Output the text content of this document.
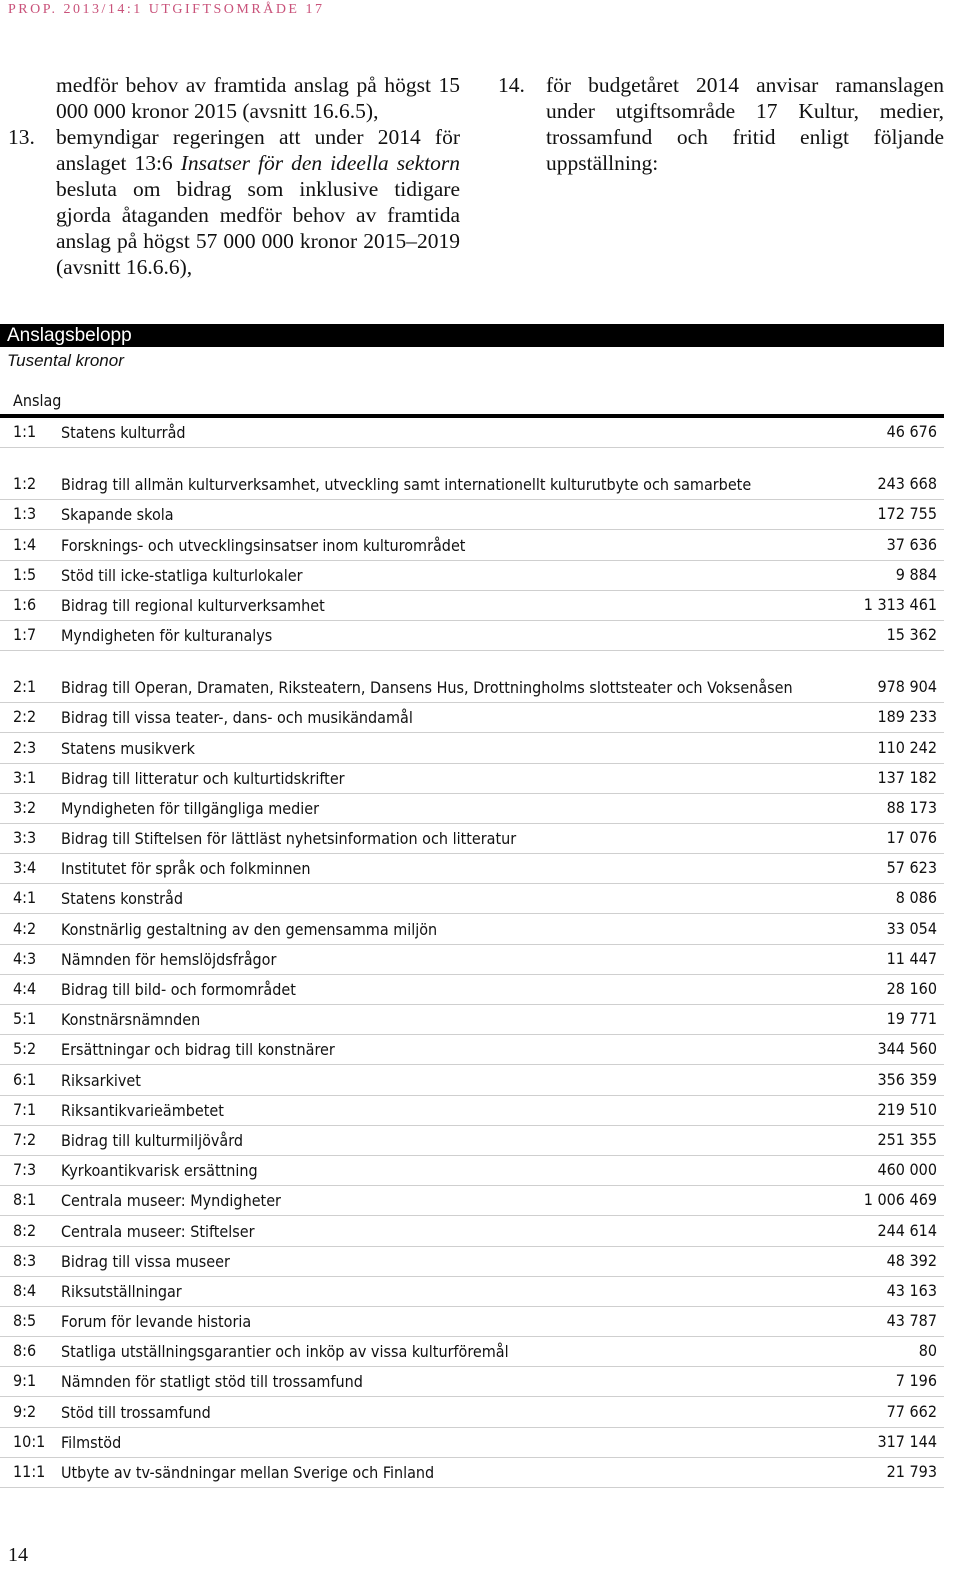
PROP. 2013/14:1 UTGIFTSOMRÅDE 17

medför behov av framtida anslag på högst 15 000 000 kronor 2015 (avsnitt 16.6.5),

13. bemyndigar regeringen att under 2014 för anslaget 13:6 Insatser för den ideella sektorn besluta om bidrag som inklusive tidigare gjorda åtaganden medför behov av framtida anslag på högst 57 000 000 kronor 2015–2019 (avsnitt 16.6.6),

14. för budgetåret 2014 anvisar ramanslagen under utgiftsområde 17 Kultur, medier, trossamfund och fritid enligt följande uppställning:

Anslagsbelopp
Tusental kronor
Anslag
1:1	Statens kulturråd	46 676
1:2	Bidrag till allmän kulturverksamhet, utveckling samt internationellt kulturutbyte och samarbete	243 668
1:3	Skapande skola	172 755
1:4	Forsknings- och utvecklingsinsatser inom kulturområdet	37 636
1:5	Stöd till icke-statliga kulturlokaler	9 884
1:6	Bidrag till regional kulturverksamhet	1 313 461
1:7	Myndigheten för kulturanalys	15 362
2:1	Bidrag till Operan, Dramaten, Riksteatern, Dansens Hus, Drottningholms slottsteater och Voksenåsen	978 904
2:2	Bidrag till vissa teater-, dans- och musikändamål	189 233
2:3	Statens musikverk	110 242
3:1	Bidrag till litteratur och kulturtidskrifter	137 182
3:2	Myndigheten för tillgängliga medier	88 173
3:3	Bidrag till Stiftelsen för lättläst nyhetsinformation och litteratur	17 076
3:4	Institutet för språk och folkminnen	57 623
4:1	Statens konstråd	8 086
4:2	Konstnärlig gestaltning av den gemensamma miljön	33 054
4:3	Nämnden för hemslöjdsfrågor	11 447
4:4	Bidrag till bild- och formområdet	28 160
5:1	Konstnärsnämnden	19 771
5:2	Ersättningar och bidrag till konstnärer	344 560
6:1	Riksarkivet	356 359
7:1	Riksantikvarieämbetet	219 510
7:2	Bidrag till kulturmiljövård	251 355
7:3	Kyrkoantikvarisk ersättning	460 000
8:1	Centrala museer: Myndigheter	1 006 469
8:2	Centrala museer: Stiftelser	244 614
8:3	Bidrag till vissa museer	48 392
8:4	Riksutställningar	43 163
8:5	Forum för levande historia	43 787
8:6	Statliga utställningsgarantier och inköp av vissa kulturföremål	80
9:1	Nämnden för statligt stöd till trossamfund	7 196
9:2	Stöd till trossamfund	77 662
10:1 Filmstöd	317 144
11:1 Utbyte av tv-sändningar mellan Sverige och Finland	21 793
14
